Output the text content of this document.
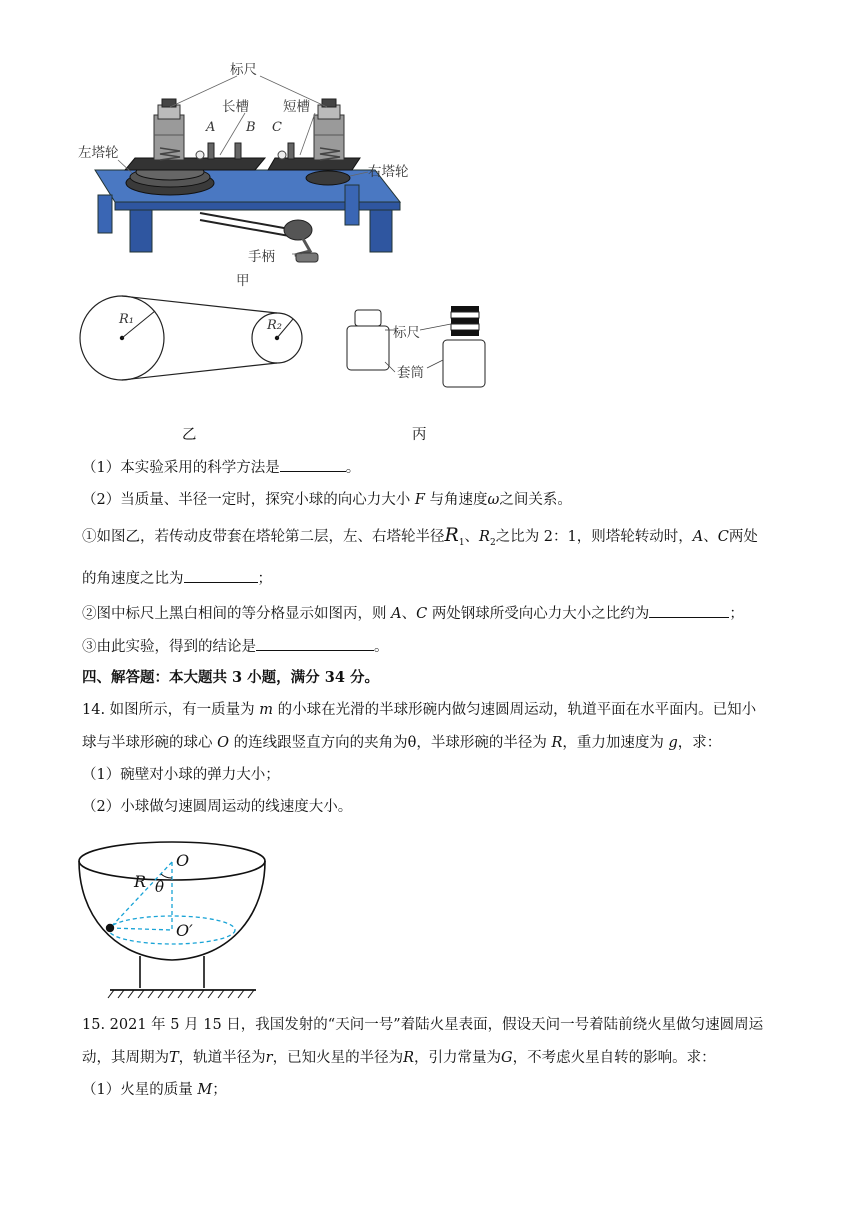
标尺
长槽	短槽
A B C
左塔轮
右塔轮
手柄
甲
R₁	R₂	标尺
套筒
乙	丙
（1）本实验采用的科学方法是	。
（2）当质量、半径一定时，探究小球的向心力大小 F 与角速度ω之间关系。
①如图乙，若传动皮带套在塔轮第二层，左、右塔轮半径$R_1$、$R_2$之比为 2：1，则塔轮转动时，A、C两处
的角速度之比为	；
②图中标尺上黑白相间的等分格显示如图丙，则 A、C 两处钢球所受向心力大小之比约为	；
③由此实验，得到的结论是	。
四、解答题：本大题共 3 小题，满分 34 分。
14. 如图所示，有一质量为 m 的小球在光滑的半球形碗内做匀速圆周运动，轨道平面在水平面内。已知小
球与半球形碗的球心 O 的连线跟竖直方向的夹角为θ，半球形碗的半径为 R，重力加速度为 g，求：
（1）碗壁对小球的弹力大小；
（2）小球做匀速圆周运动的线速度大小。
O
R θ
O′
15. 2021 年 5 月 15 日，我国发射的“天问一号”着陆火星表面，假设天问一号着陆前绕火星做匀速圆周运
动，其周期为T，轨道半径为r，已知火星的半径为R，引力常量为G，不考虑火星自转的影响。求：
（1）火星的质量 M；
